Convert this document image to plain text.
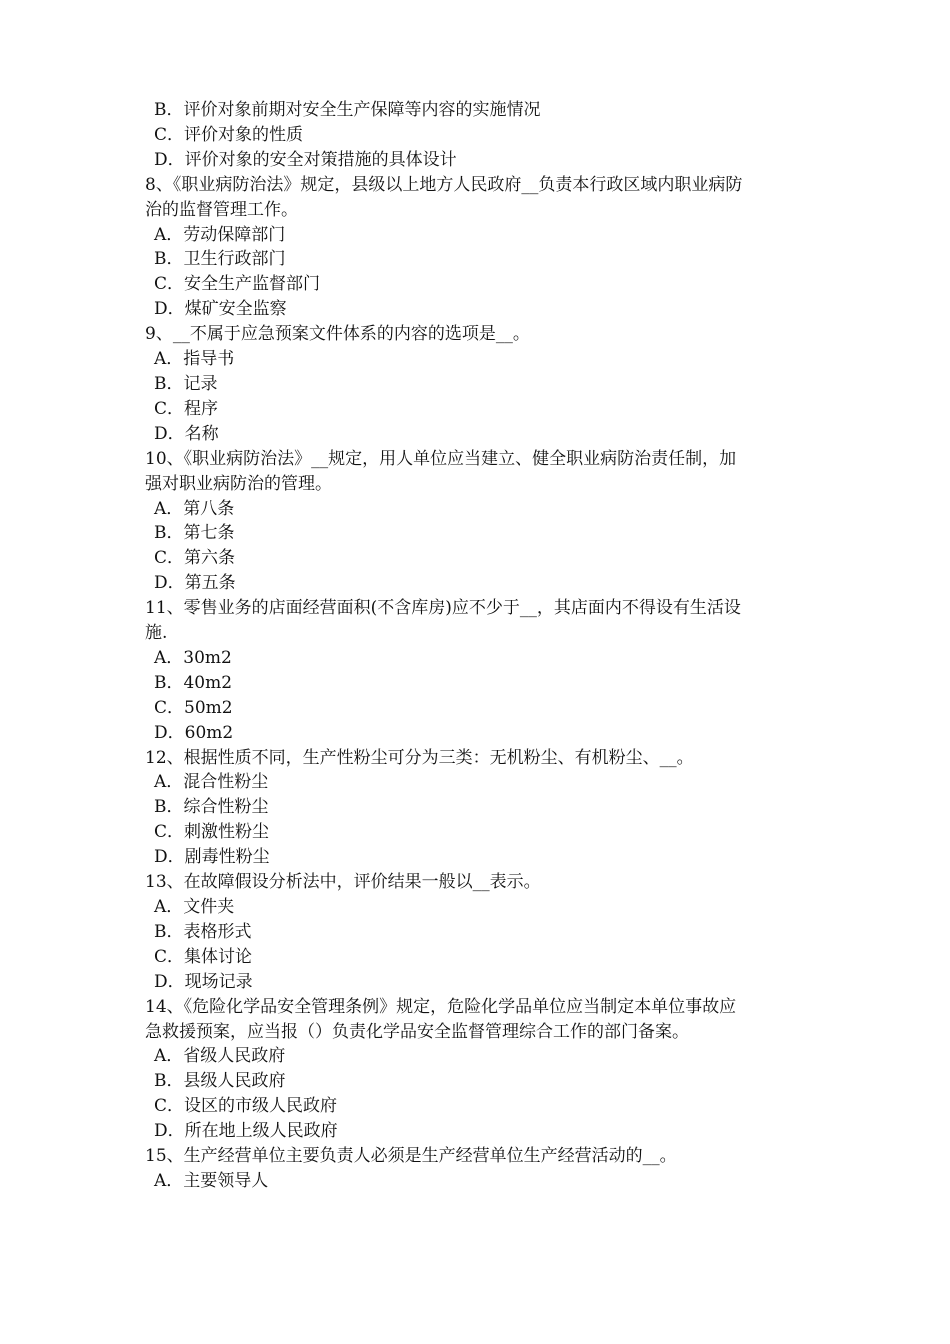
B．评价对象前期对安全生产保障等内容的实施情况
C．评价对象的性质
D．评价对象的安全对策措施的具体设计
8、《职业病防治法》规定，县级以上地方人民政府__负责本行政区域内职业病防
治的监督管理工作。
A．劳动保障部门
B．卫生行政部门
C．安全生产监督部门
D．煤矿安全监察
9、__不属于应急预案文件体系的内容的选项是__。
A．指导书
B．记录
C．程序
D．名称
10、《职业病防治法》__规定，用人单位应当建立、健全职业病防治责任制，加
强对职业病防治的管理。
A．第八条
B．第七条
C．第六条
D．第五条
11、零售业务的店面经营面积(不含库房)应不少于__，其店面内不得设有生活设
施.
A．30m2
B．40m2
C．50m2
D．60m2
12、根据性质不同，生产性粉尘可分为三类：无机粉尘、有机粉尘、__。
A．混合性粉尘
B．综合性粉尘
C．刺激性粉尘
D．剧毒性粉尘
13、在故障假设分析法中，评价结果一般以__表示。
A．文件夹
B．表格形式
C．集体讨论
D．现场记录
14、《危险化学品安全管理条例》规定，危险化学品单位应当制定本单位事故应
急救援预案，应当报（）负责化学品安全监督管理综合工作的部门备案。
A．省级人民政府
B．县级人民政府
C．设区的市级人民政府
D．所在地上级人民政府
15、生产经营单位主要负责人必须是生产经营单位生产经营活动的__。
A．主要领导人
